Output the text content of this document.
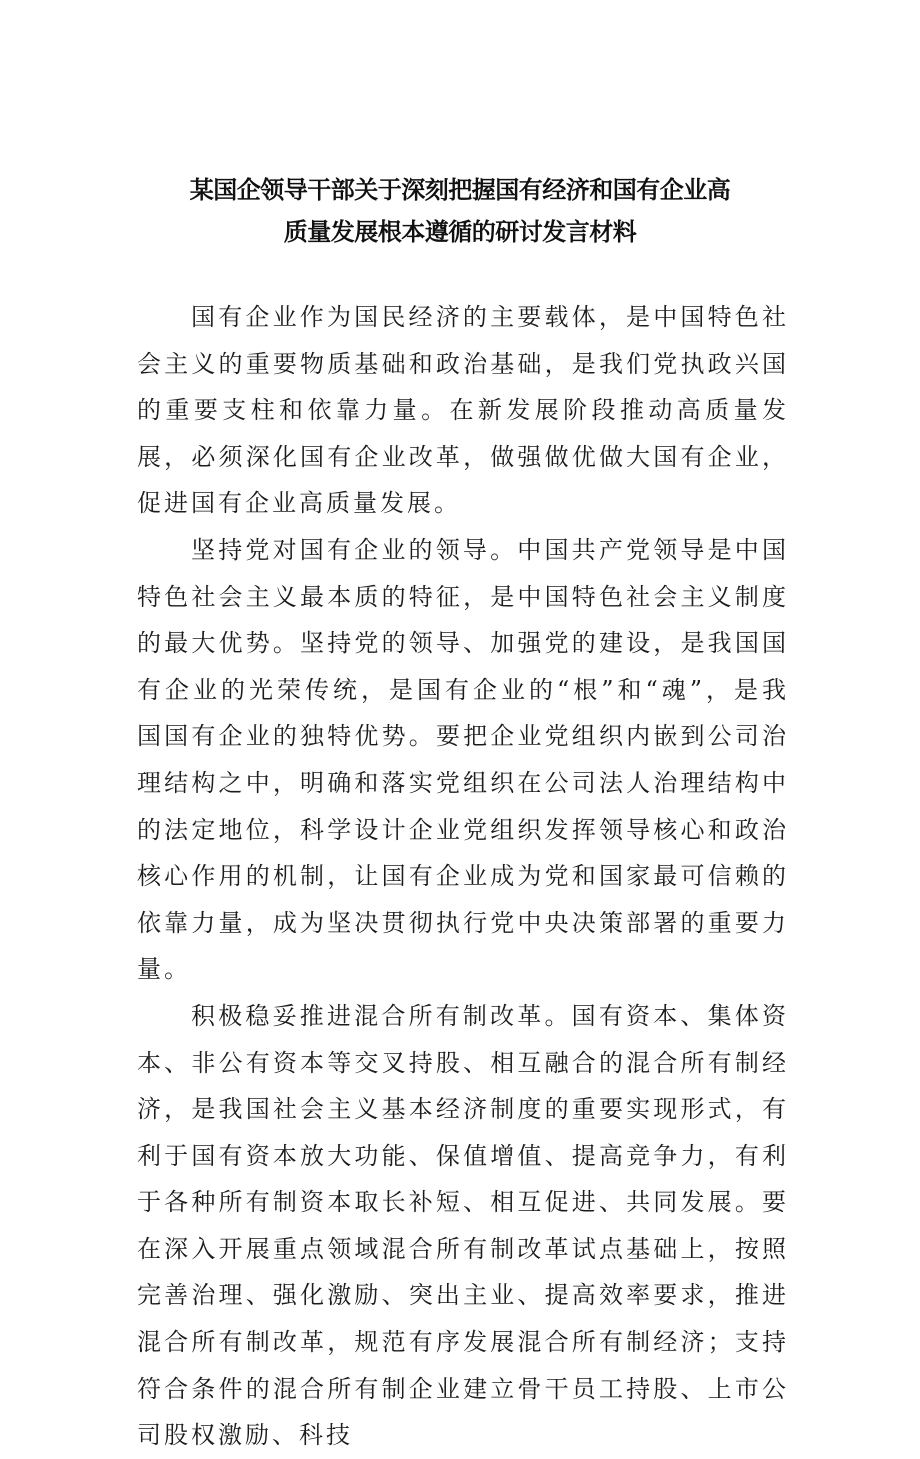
某国企领导干部关于深刻把握国有经济和国有企业高
质量发展根本遵循的研讨发言材料

国有企业作为国民经济的主要载体，是中国特色社会主义的重要物质基础和政治基础，是我们党执政兴国的重要支柱和依靠力量。在新发展阶段推动高质量发展，必须深化国有企业改革，做强做优做大国有企业，促进国有企业高质量发展。

坚持党对国有企业的领导。中国共产党领导是中国特色社会主义最本质的特征，是中国特色社会主义制度的最大优势。坚持党的领导、加强党的建设，是我国国有企业的光荣传统，是国有企业的“根”和“魂”，是我国国有企业的独特优势。要把企业党组织内嵌到公司治理结构之中，明确和落实党组织在公司法人治理结构中的法定地位，科学设计企业党组织发挥领导核心和政治核心作用的机制，让国有企业成为党和国家最可信赖的依靠力量，成为坚决贯彻执行党中央决策部署的重要力量。

积极稳妥推进混合所有制改革。国有资本、集体资本、非公有资本等交叉持股、相互融合的混合所有制经济，是我国社会主义基本经济制度的重要实现形式，有利于国有资本放大功能、保值增值、提高竞争力，有利于各种所有制资本取长补短、相互促进、共同发展。要在深入开展重点领域混合所有制改革试点基础上，按照完善治理、强化激励、突出主业、提高效率要求，推进混合所有制改革，规范有序发展混合所有制经济；支持符合条件的混合所有制企业建立骨干员工持股、上市公司股权激励、科技
